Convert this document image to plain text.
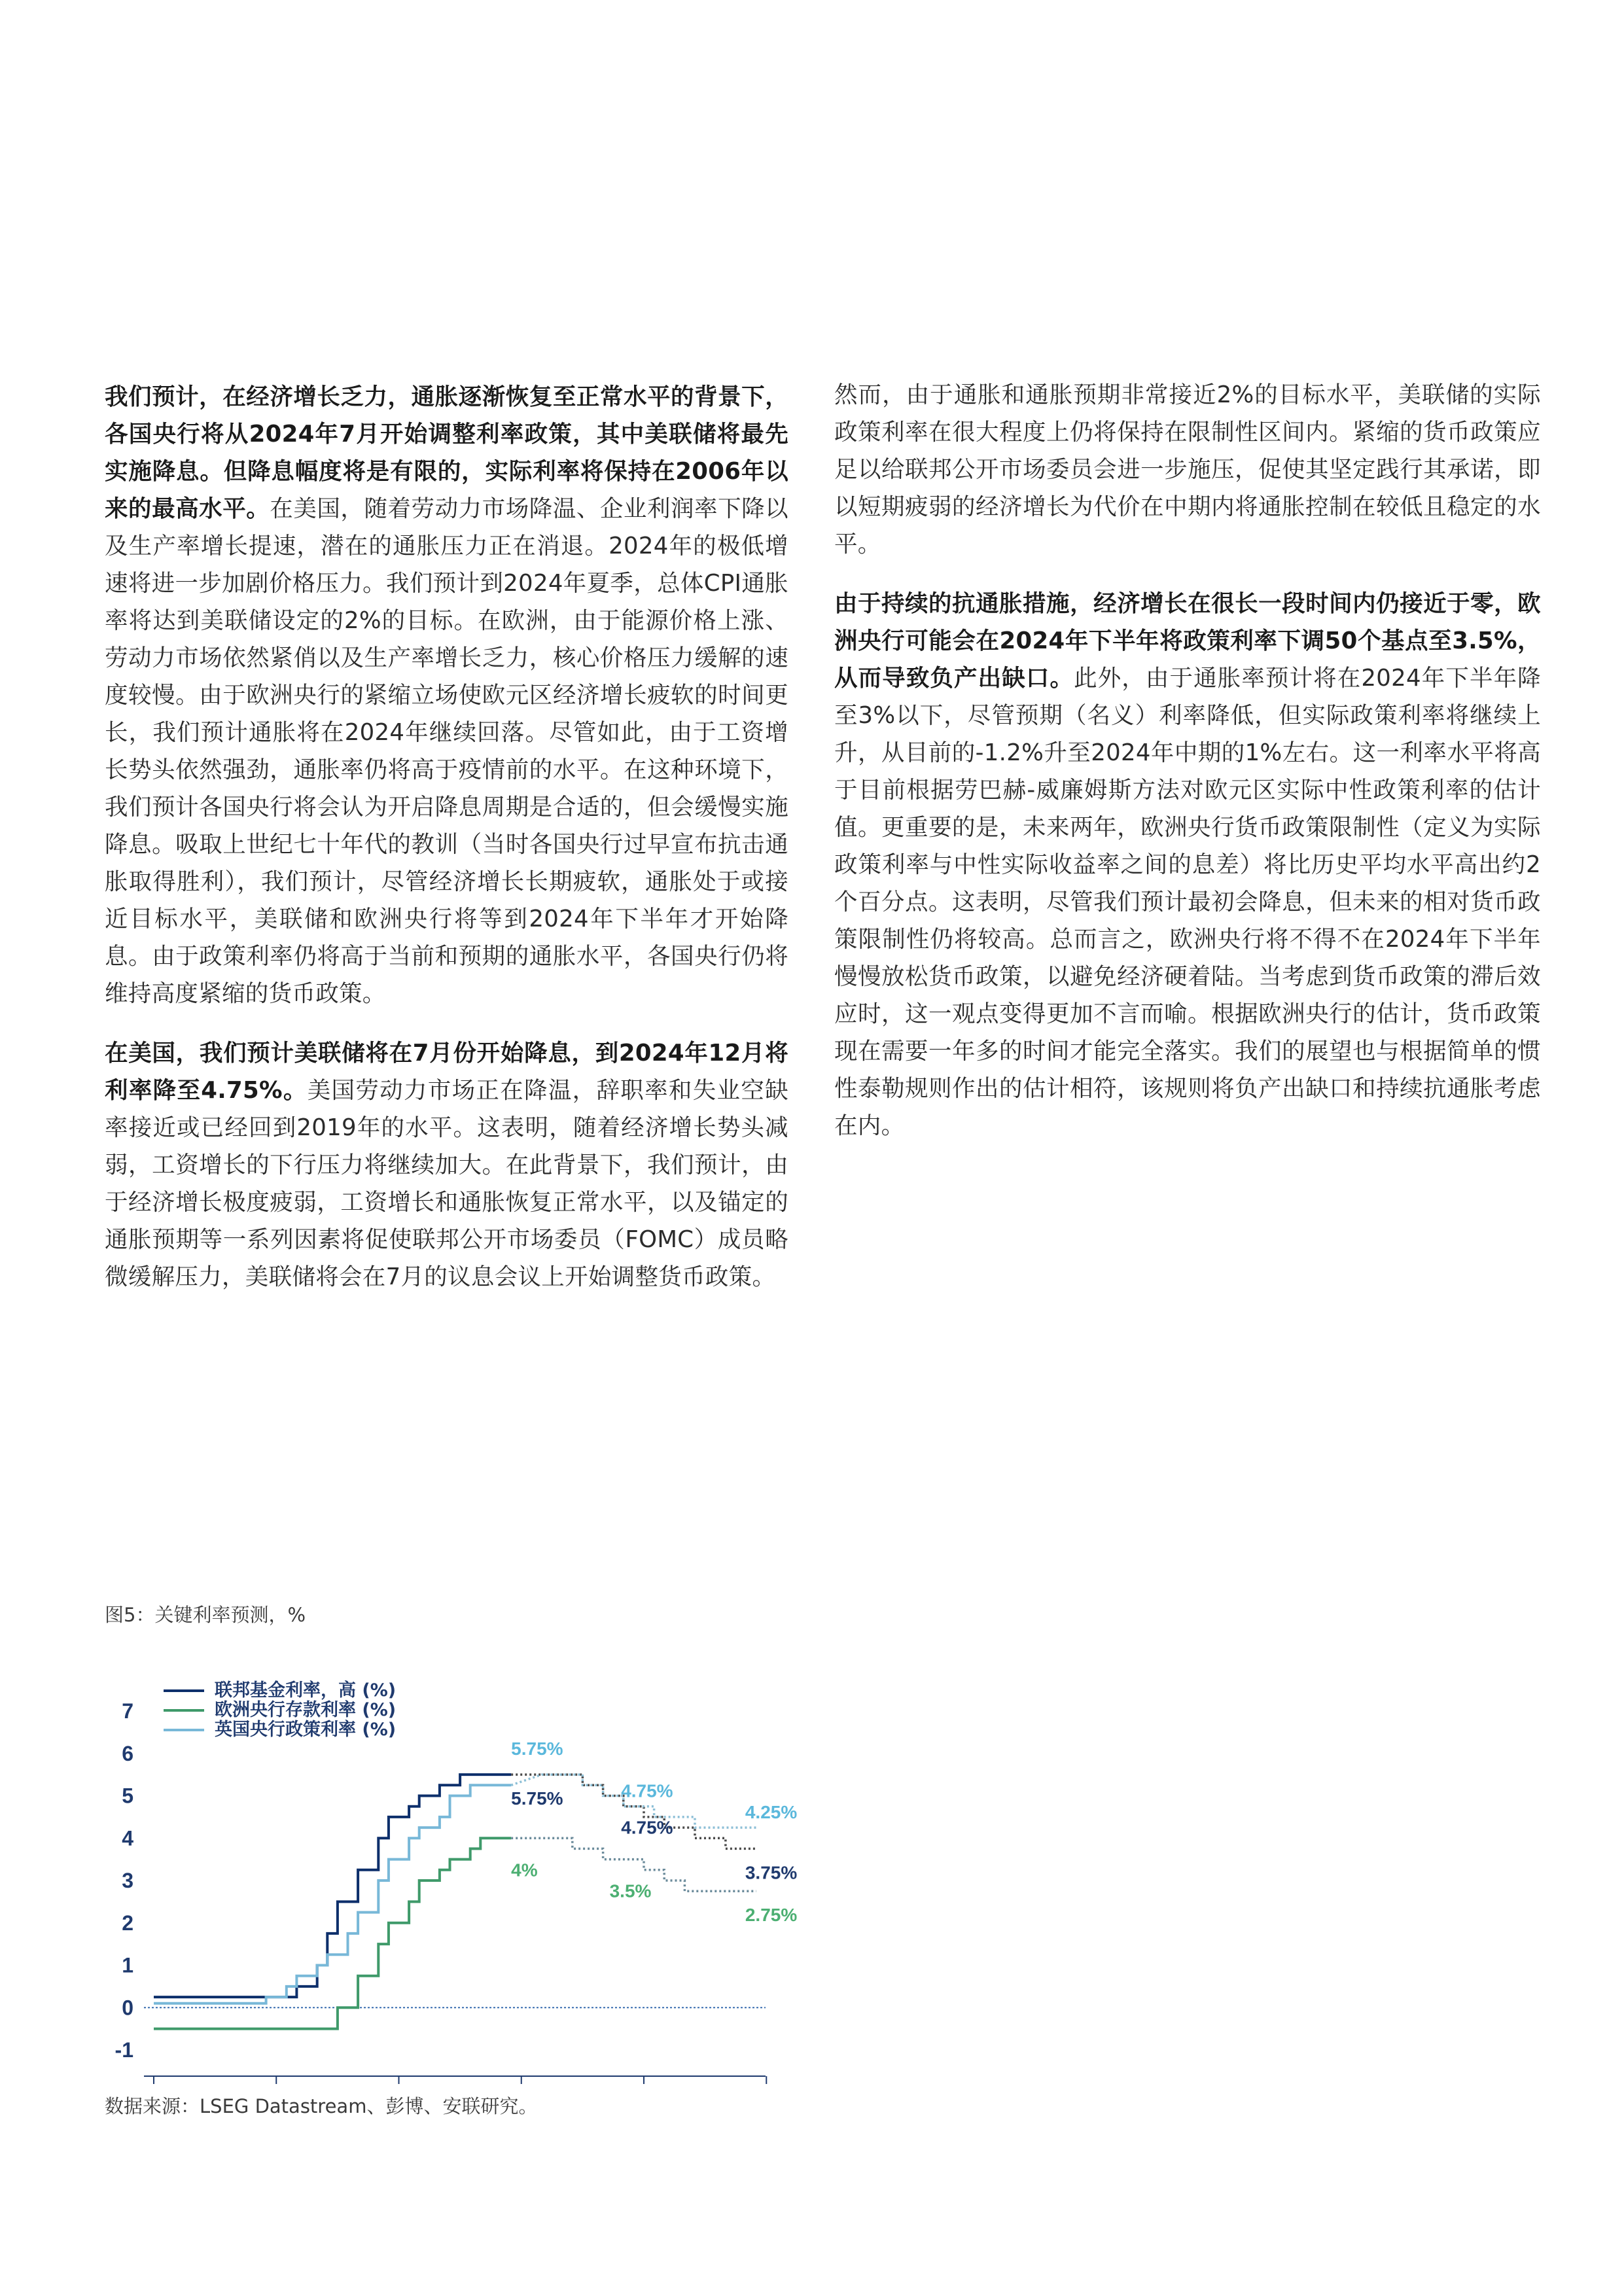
我们预计，在经济增长乏力，通胀逐渐恢复至正常水平的背景下，各国央行将从2024年7月开始调整利率政策，其中美联储将最先实施降息。但降息幅度将是有限的，实际利率将保持在2006年以来的最高水平。在美国，随着劳动力市场降温、企业利润率下降以及生产率增长提速，潜在的通胀压力正在消退。2024年的极低增速将进一步加剧价格压力。我们预计到2024年夏季，总体CPI通胀率将达到美联储设定的2%的目标。在欧洲，由于能源价格上涨、劳动力市场依然紧俏以及生产率增长乏力，核心价格压力缓解的速度较慢。由于欧洲央行的紧缩立场使欧元区经济增长疲软的时间更长，我们预计通胀将在2024年继续回落。尽管如此，由于工资增长势头依然强劲，通胀率仍将高于疫情前的水平。在这种环境下，我们预计各国央行将会认为开启降息周期是合适的，但会缓慢实施降息。吸取上世纪七十年代的教训（当时各国央行过早宣布抗击通胀取得胜利），我们预计，尽管经济增长长期疲软，通胀处于或接近目标水平，美联储和欧洲央行将等到2024年下半年才开始降息。由于政策利率仍将高于当前和预期的通胀水平，各国央行仍将维持高度紧缩的货币政策。

在美国，我们预计美联储将在7月份开始降息，到2024年12月将利率降至4.75%。美国劳动力市场正在降温，辞职率和失业空缺率接近或已经回到2019年的水平。这表明，随着经济增长势头减弱，工资增长的下行压力将继续加大。在此背景下，我们预计，由于经济增长极度疲弱，工资增长和通胀恢复正常水平，以及锚定的通胀预期等一系列因素将促使联邦公开市场委员（FOMC）成员略微缓解压力，美联储将会在7月的议息会议上开始调整货币政策。

然而，由于通胀和通胀预期非常接近2%的目标水平，美联储的实际政策利率在很大程度上仍将保持在限制性区间内。紧缩的货币政策应足以给联邦公开市场委员会进一步施压，促使其坚定践行其承诺，即以短期疲弱的经济增长为代价在中期内将通胀控制在较低且稳定的水平。

由于持续的抗通胀措施，经济增长在很长一段时间内仍接近于零，欧洲央行可能会在2024年下半年将政策利率下调50个基点至3.5%，从而导致负产出缺口。此外，由于通胀率预计将在2024年下半年降至3%以下，尽管预期（名义）利率降低，但实际政策利率将继续上升，从目前的-1.2%升至2024年中期的1%左右。这一利率水平将高于目前根据劳巴赫-威廉姆斯方法对欧元区实际中性政策利率的估计值。更重要的是，未来两年，欧洲央行货币政策限制性（定义为实际政策利率与中性实际收益率之间的息差）将比历史平均水平高出约2个百分点。这表明，尽管我们预计最初会降息，但未来的相对货币政策限制性仍将较高。总而言之，欧洲央行将不得不在2024年下半年慢慢放松货币政策，以避免经济硬着陆。当考虑到货币政策的滞后效应时，这一观点变得更加不言而喻。根据欧洲央行的估计，货币政策现在需要一年多的时间才能完全落实。我们的展望也与根据简单的惯性泰勒规则作出的估计相符，该规则将负产出缺口和持续抗通胀考虑在内。

图5：关键利率预测，%
-1
0
1
2
3
4
5
6
7
联邦基金利率，高 (%)
欧洲央行存款利率 (%)
英国央行政策利率 (%)
5.75%
5.75%
4%
4.75%
4.75%
4.25%
3.75%
3.5%
2.75%
数据来源：LSEG Datastream、彭博、安联研究。
